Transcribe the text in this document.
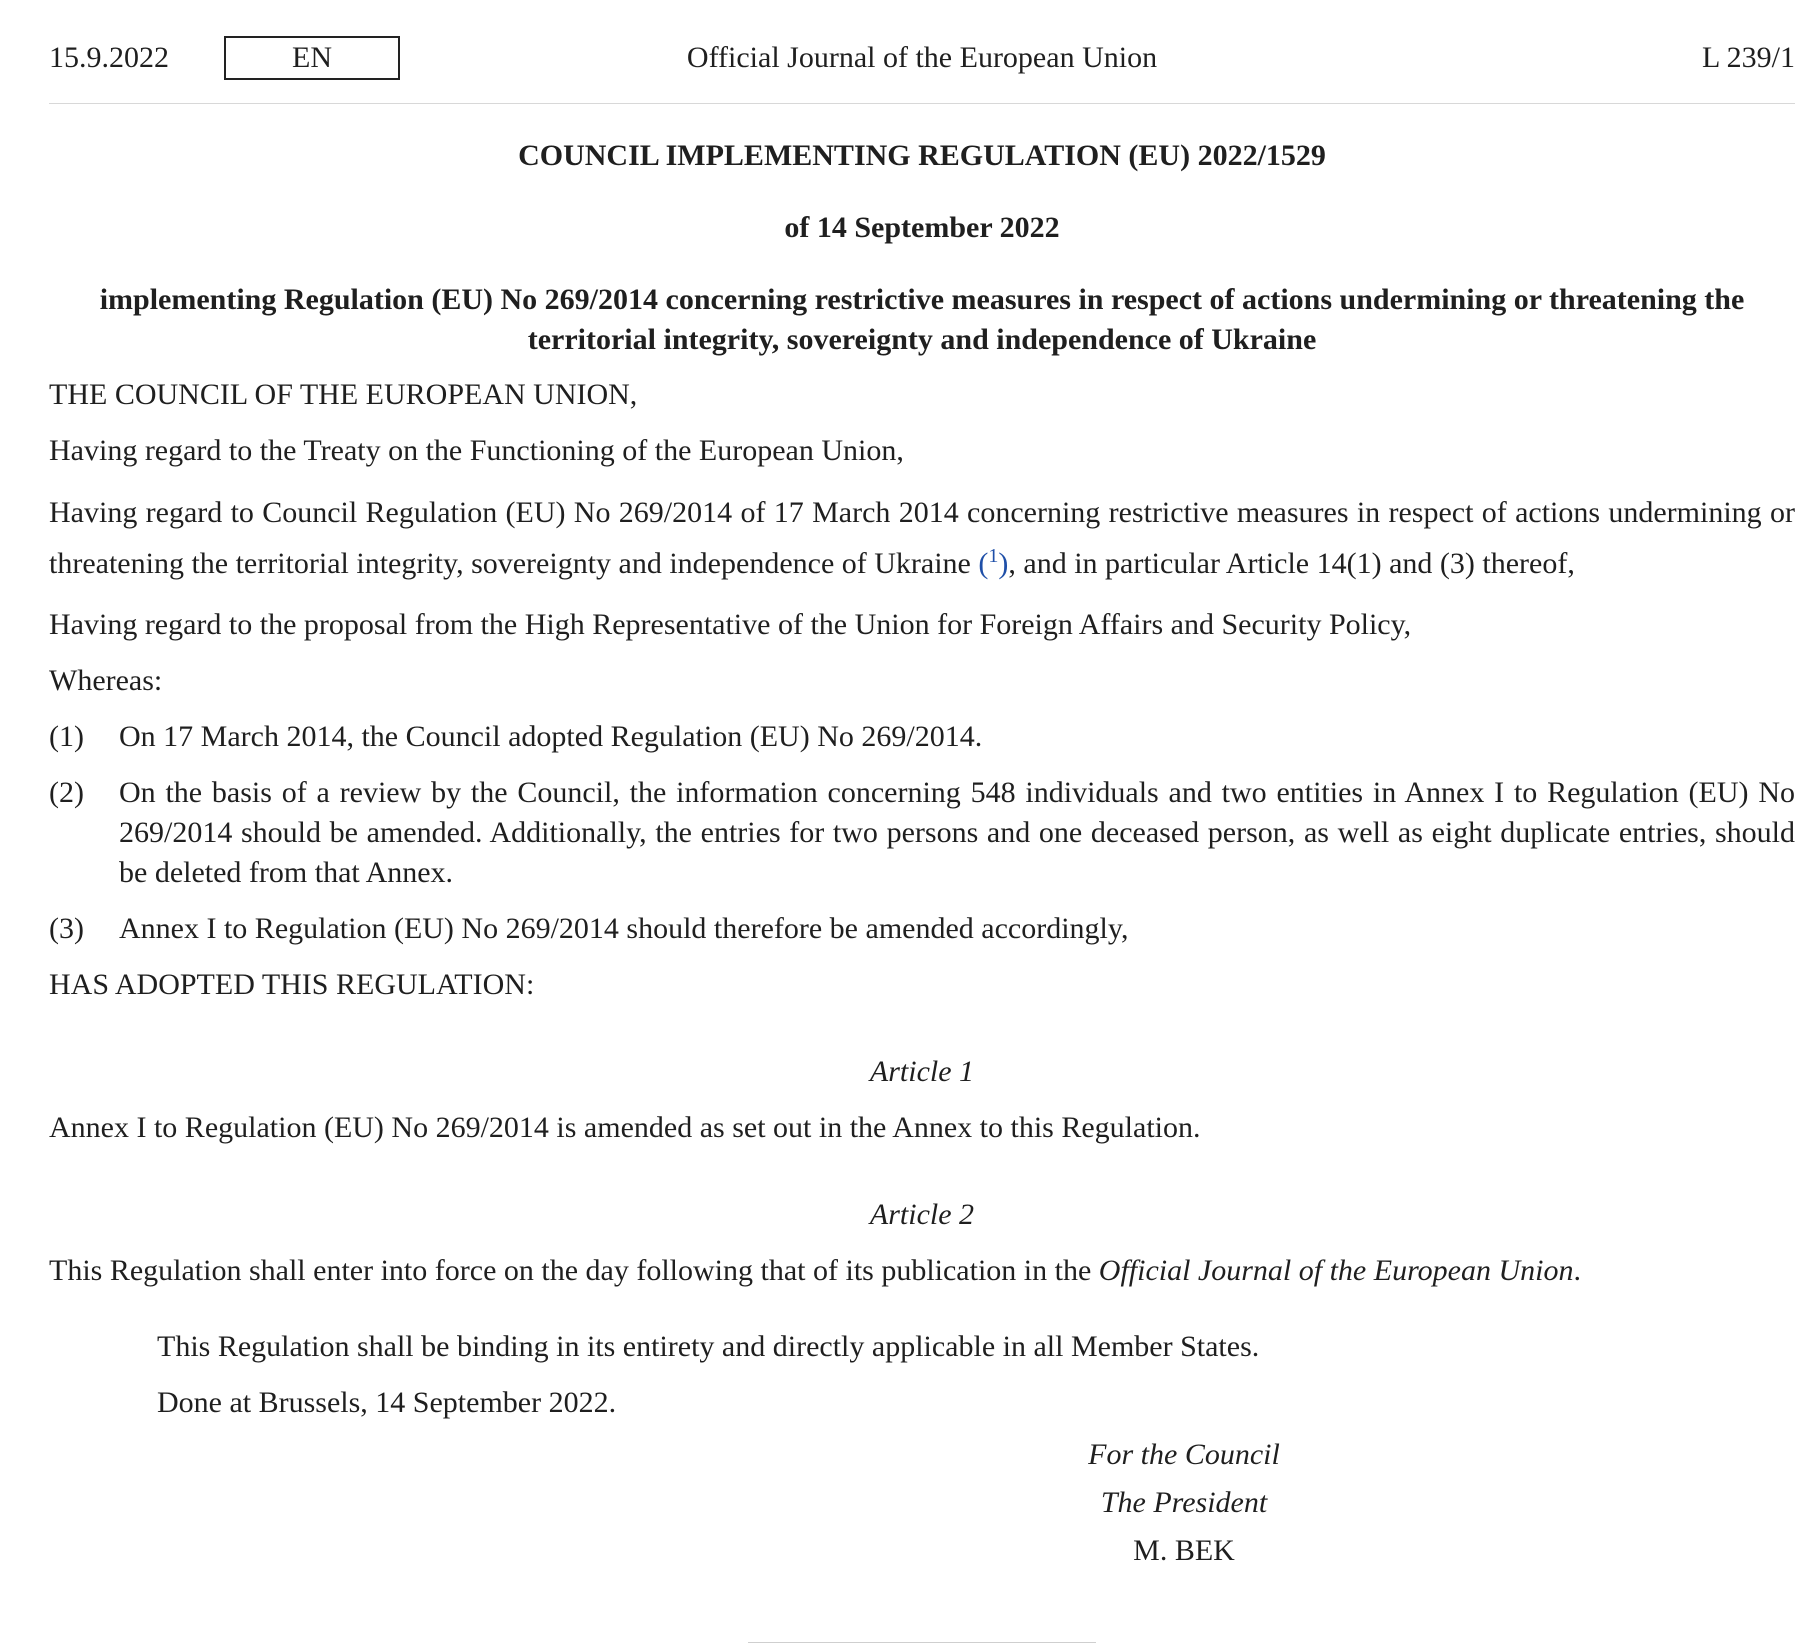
Official Journal of the European Union
15.9.2022	EN	L 239/1

COUNCIL IMPLEMENTING REGULATION (EU) 2022/1529

of 14 September 2022

implementing Regulation (EU) No 269/2014 concerning restrictive measures in respect of actions undermining or threatening the territorial integrity, sovereignty and independence of Ukraine

THE COUNCIL OF THE EUROPEAN UNION,

Having regard to the Treaty on the Functioning of the European Union,

Having regard to Council Regulation (EU) No 269/2014 of 17 March 2014 concerning restrictive measures in respect of actions undermining or threatening the territorial integrity, sovereignty and independence of Ukraine ($^1$), and in particular Article 14(1) and (3) thereof,

Having regard to the proposal from the High Representative of the Union for Foreign Affairs and Security Policy,

Whereas:

(1)	On 17 March 2014, the Council adopted Regulation (EU) No 269/2014.
(2)	On the basis of a review by the Council, the information concerning 548 individuals and two entities in Annex I to Regulation (EU) No 269/2014 should be amended. Additionally, the entries for two persons and one deceased person, as well as eight duplicate entries, should be deleted from that Annex.
(3)	Annex I to Regulation (EU) No 269/2014 should therefore be amended accordingly,

HAS ADOPTED THIS REGULATION:

Article 1

Annex I to Regulation (EU) No 269/2014 is amended as set out in the Annex to this Regulation.

Article 2

This Regulation shall enter into force on the day following that of its publication in the Official Journal of the European Union.

This Regulation shall be binding in its entirety and directly applicable in all Member States.

Done at Brussels, 14 September 2022.

For the Council

The President

M. BEK
